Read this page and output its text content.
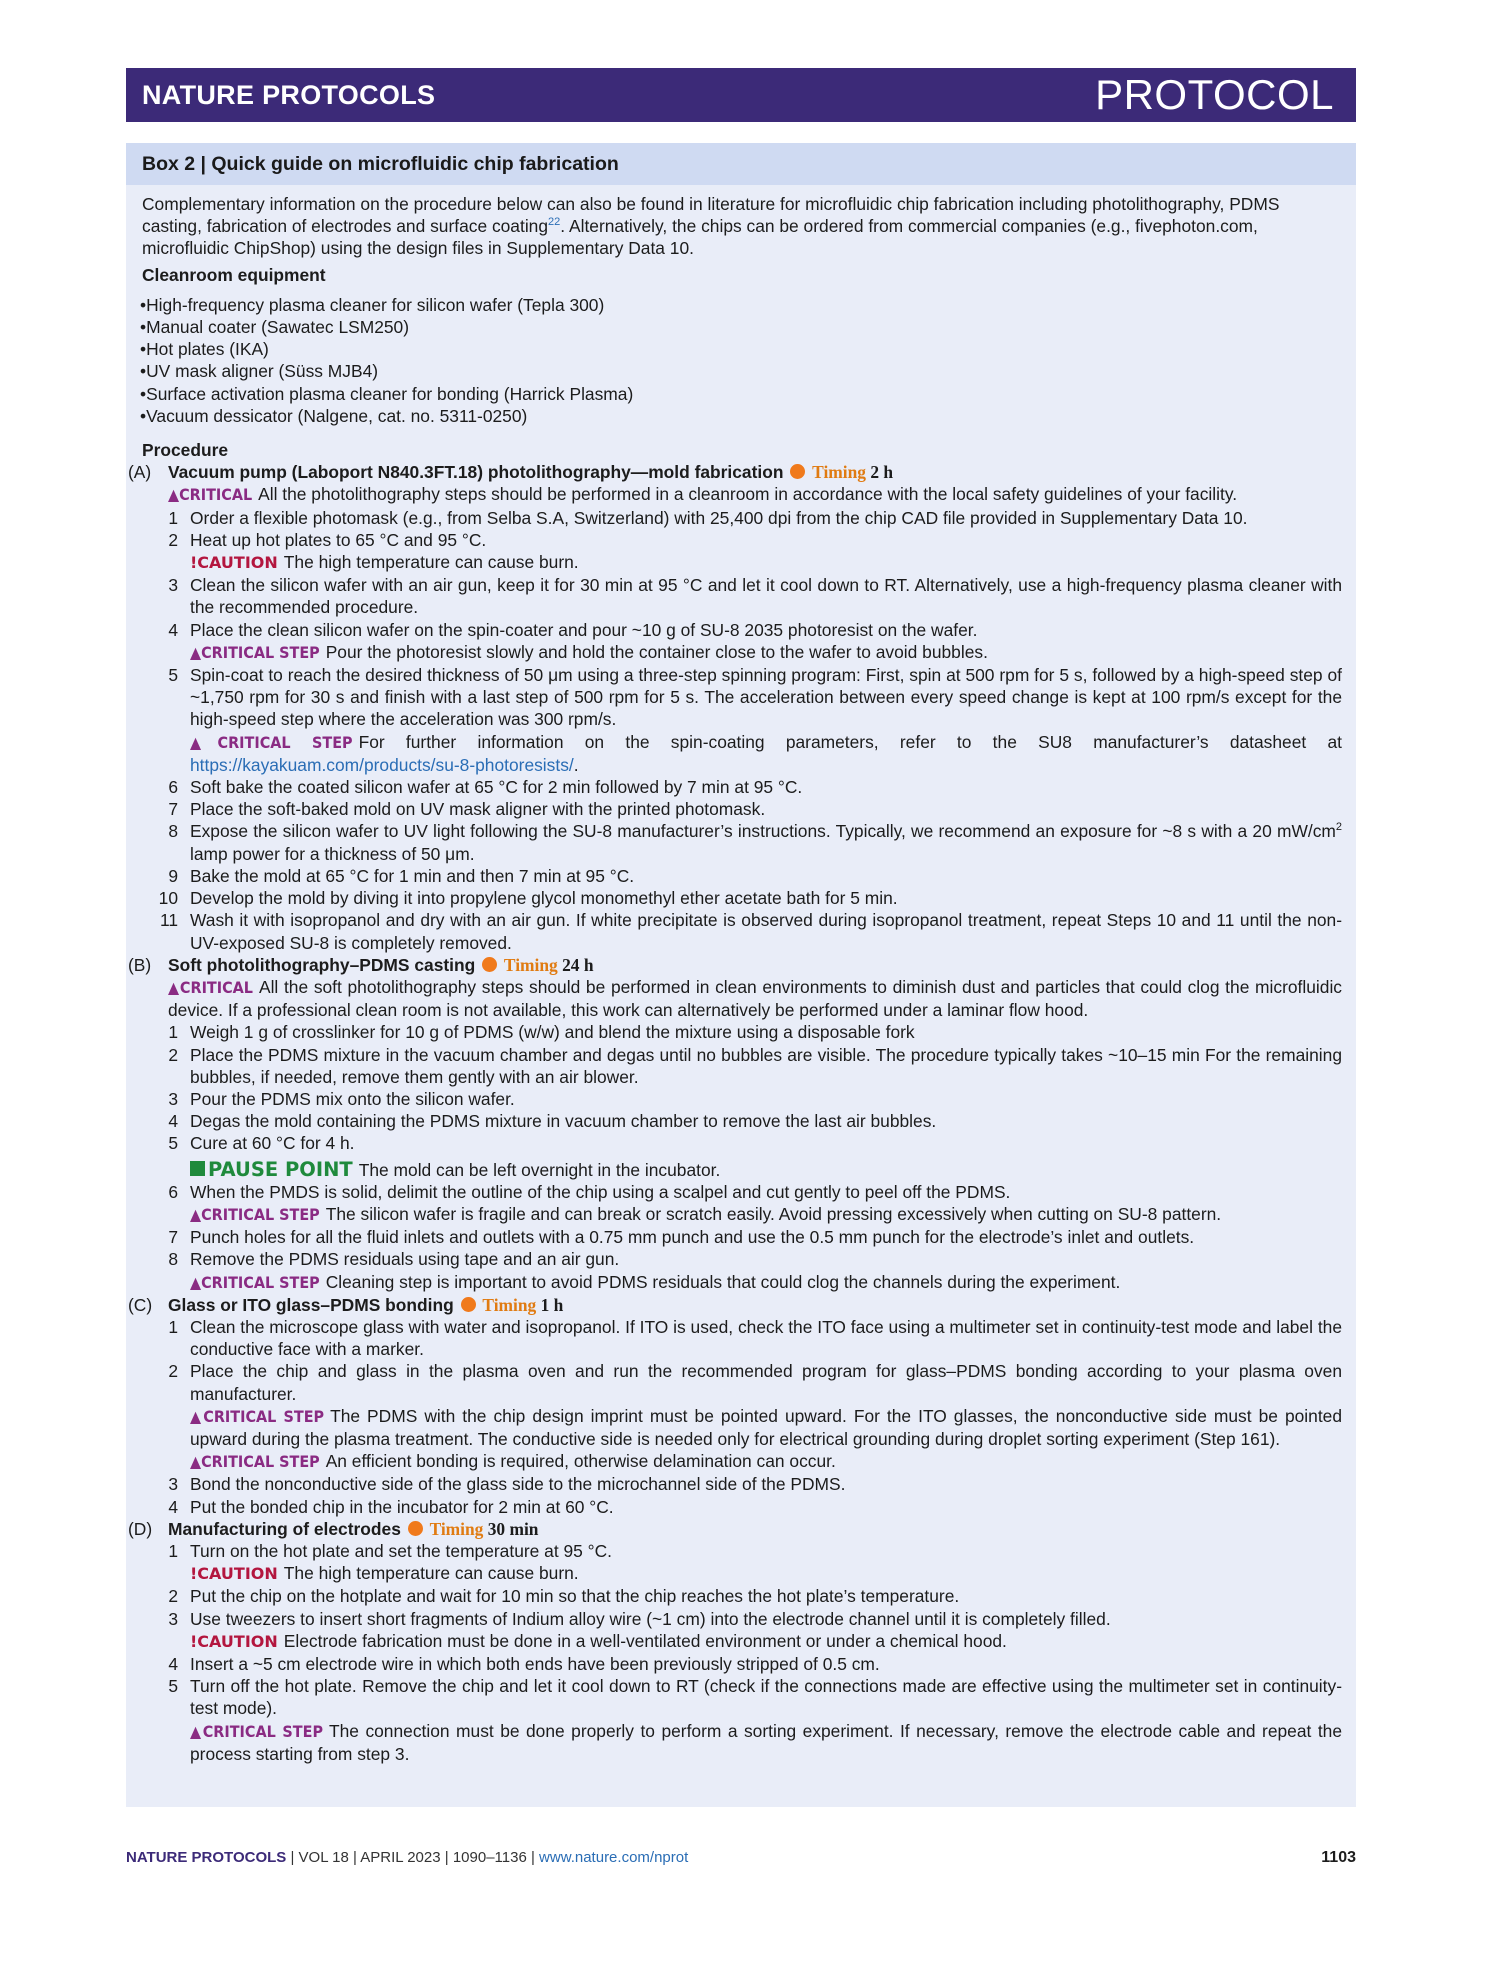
NATURE PROTOCOLS	PROTOCOL
Box 2 | Quick guide on microfluidic chip fabrication

Complementary information on the procedure below can also be found in literature for microfluidic chip fabrication including photolithography, PDMS casting, fabrication of electrodes and surface coating$^{22}$. Alternatively, the chips can be ordered from commercial companies (e.g., fivephoton.com, microfluidic ChipShop) using the design files in Supplementary Data 10.

Cleanroom equipment
• High-frequency plasma cleaner for silicon wafer (Tepla 300)
• Manual coater (Sawatec LSM250)
• Hot plates (IKA)
• UV mask aligner (Süss MJB4)
• Surface activation plasma cleaner for bonding (Harrick Plasma)
• Vacuum dessicator (Nalgene, cat. no. 5311-0250)
Procedure
(A) Vacuum pump (Laboport N840.3FT.18) photolithography—mold fabrication Timing 2 h
▲CRITICAL All the photolithography steps should be performed in a cleanroom in accordance with the local safety guidelines of your facility.
1 Order a flexible photomask (e.g., from Selba S.A, Switzerland) with 25,400 dpi from the chip CAD file provided in Supplementary Data 10.
2 Heat up hot plates to 65 °C and 95 °C.
!CAUTION The high temperature can cause burn.
3 Clean the silicon wafer with an air gun, keep it for 30 min at 95 °C and let it cool down to RT. Alternatively, use a high-frequency plasma cleaner with the recommended procedure.
4 Place the clean silicon wafer on the spin-coater and pour ~10 g of SU-8 2035 photoresist on the wafer.
▲CRITICAL STEP Pour the photoresist slowly and hold the container close to the wafer to avoid bubbles.
5 Spin-coat to reach the desired thickness of 50 μm using a three-step spinning program: First, spin at 500 rpm for 5 s, followed by a high-speed step of ~1,750 rpm for 30 s and finish with a last step of 500 rpm for 5 s. The acceleration between every speed change is kept at 100 rpm/s except for the high-speed step where the acceleration was 300 rpm/s.
▲CRITICAL STEP For further information on the spin-coating parameters, refer to the SU8 manufacturer’s datasheet at https://kayakuam.com/products/su-8-photoresists/.
6 Soft bake the coated silicon wafer at 65 °C for 2 min followed by 7 min at 95 °C.
7 Place the soft-baked mold on UV mask aligner with the printed photomask.
8 Expose the silicon wafer to UV light following the SU-8 manufacturer’s instructions. Typically, we recommend an exposure for ~8 s with a 20 $mW/cm^2$ lamp power for a thickness of 50 μm.
9 Bake the mold at 65 °C for 1 min and then 7 min at 95 °C.
10 Develop the mold by diving it into propylene glycol monomethyl ether acetate bath for 5 min.
11 Wash it with isopropanol and dry with an air gun. If white precipitate is observed during isopropanol treatment, repeat Steps 10 and 11 until the non-UV-exposed SU-8 is completely removed.
(B) Soft photolithography–PDMS casting Timing 24 h
▲CRITICAL All the soft photolithography steps should be performed in clean environments to diminish dust and particles that could clog the microfluidic device. If a professional clean room is not available, this work can alternatively be performed under a laminar flow hood.
1 Weigh 1 g of crosslinker for 10 g of PDMS (w/w) and blend the mixture using a disposable fork
2 Place the PDMS mixture in the vacuum chamber and degas until no bubbles are visible. The procedure typically takes ~10–15 min For the remaining bubbles, if needed, remove them gently with an air blower.
3 Pour the PDMS mix onto the silicon wafer.
4 Degas the mold containing the PDMS mixture in vacuum chamber to remove the last air bubbles.
5 Cure at 60 °C for 4 h.
PAUSE POINT The mold can be left overnight in the incubator.
6 When the PMDS is solid, delimit the outline of the chip using a scalpel and cut gently to peel off the PDMS.
▲CRITICAL STEP The silicon wafer is fragile and can break or scratch easily. Avoid pressing excessively when cutting on SU-8 pattern.
7 Punch holes for all the fluid inlets and outlets with a 0.75 mm punch and use the 0.5 mm punch for the electrode’s inlet and outlets.
8 Remove the PDMS residuals using tape and an air gun.
▲CRITICAL STEP Cleaning step is important to avoid PDMS residuals that could clog the channels during the experiment.
(C) Glass or ITO glass–PDMS bonding Timing 1 h
1 Clean the microscope glass with water and isopropanol. If ITO is used, check the ITO face using a multimeter set in continuity-test mode and label the conductive face with a marker.
2 Place the chip and glass in the plasma oven and run the recommended program for glass–PDMS bonding according to your plasma oven manufacturer.
▲CRITICAL STEP The PDMS with the chip design imprint must be pointed upward. For the ITO glasses, the nonconductive side must be pointed upward during the plasma treatment. The conductive side is needed only for electrical grounding during droplet sorting experiment (Step 161).
▲CRITICAL STEP An efficient bonding is required, otherwise delamination can occur.
3 Bond the nonconductive side of the glass side to the microchannel side of the PDMS.
4 Put the bonded chip in the incubator for 2 min at 60 °C.
(D) Manufacturing of electrodes Timing 30 min
1 Turn on the hot plate and set the temperature at 95 °C.
!CAUTION The high temperature can cause burn.
2 Put the chip on the hotplate and wait for 10 min so that the chip reaches the hot plate’s temperature.
3 Use tweezers to insert short fragments of Indium alloy wire (~1 cm) into the electrode channel until it is completely filled.
!CAUTION Electrode fabrication must be done in a well-ventilated environment or under a chemical hood.
4 Insert a ~5 cm electrode wire in which both ends have been previously stripped of 0.5 cm.
5 Turn off the hot plate. Remove the chip and let it cool down to RT (check if the connections made are effective using the multimeter set in continuity-test mode).
▲CRITICAL STEP The connection must be done properly to perform a sorting experiment. If necessary, remove the electrode cable and repeat the process starting from step 3.
NATURE PROTOCOLS | VOL 18 | APRIL 2023 | 1090–1136 | www.nature.com/nprot	1103
